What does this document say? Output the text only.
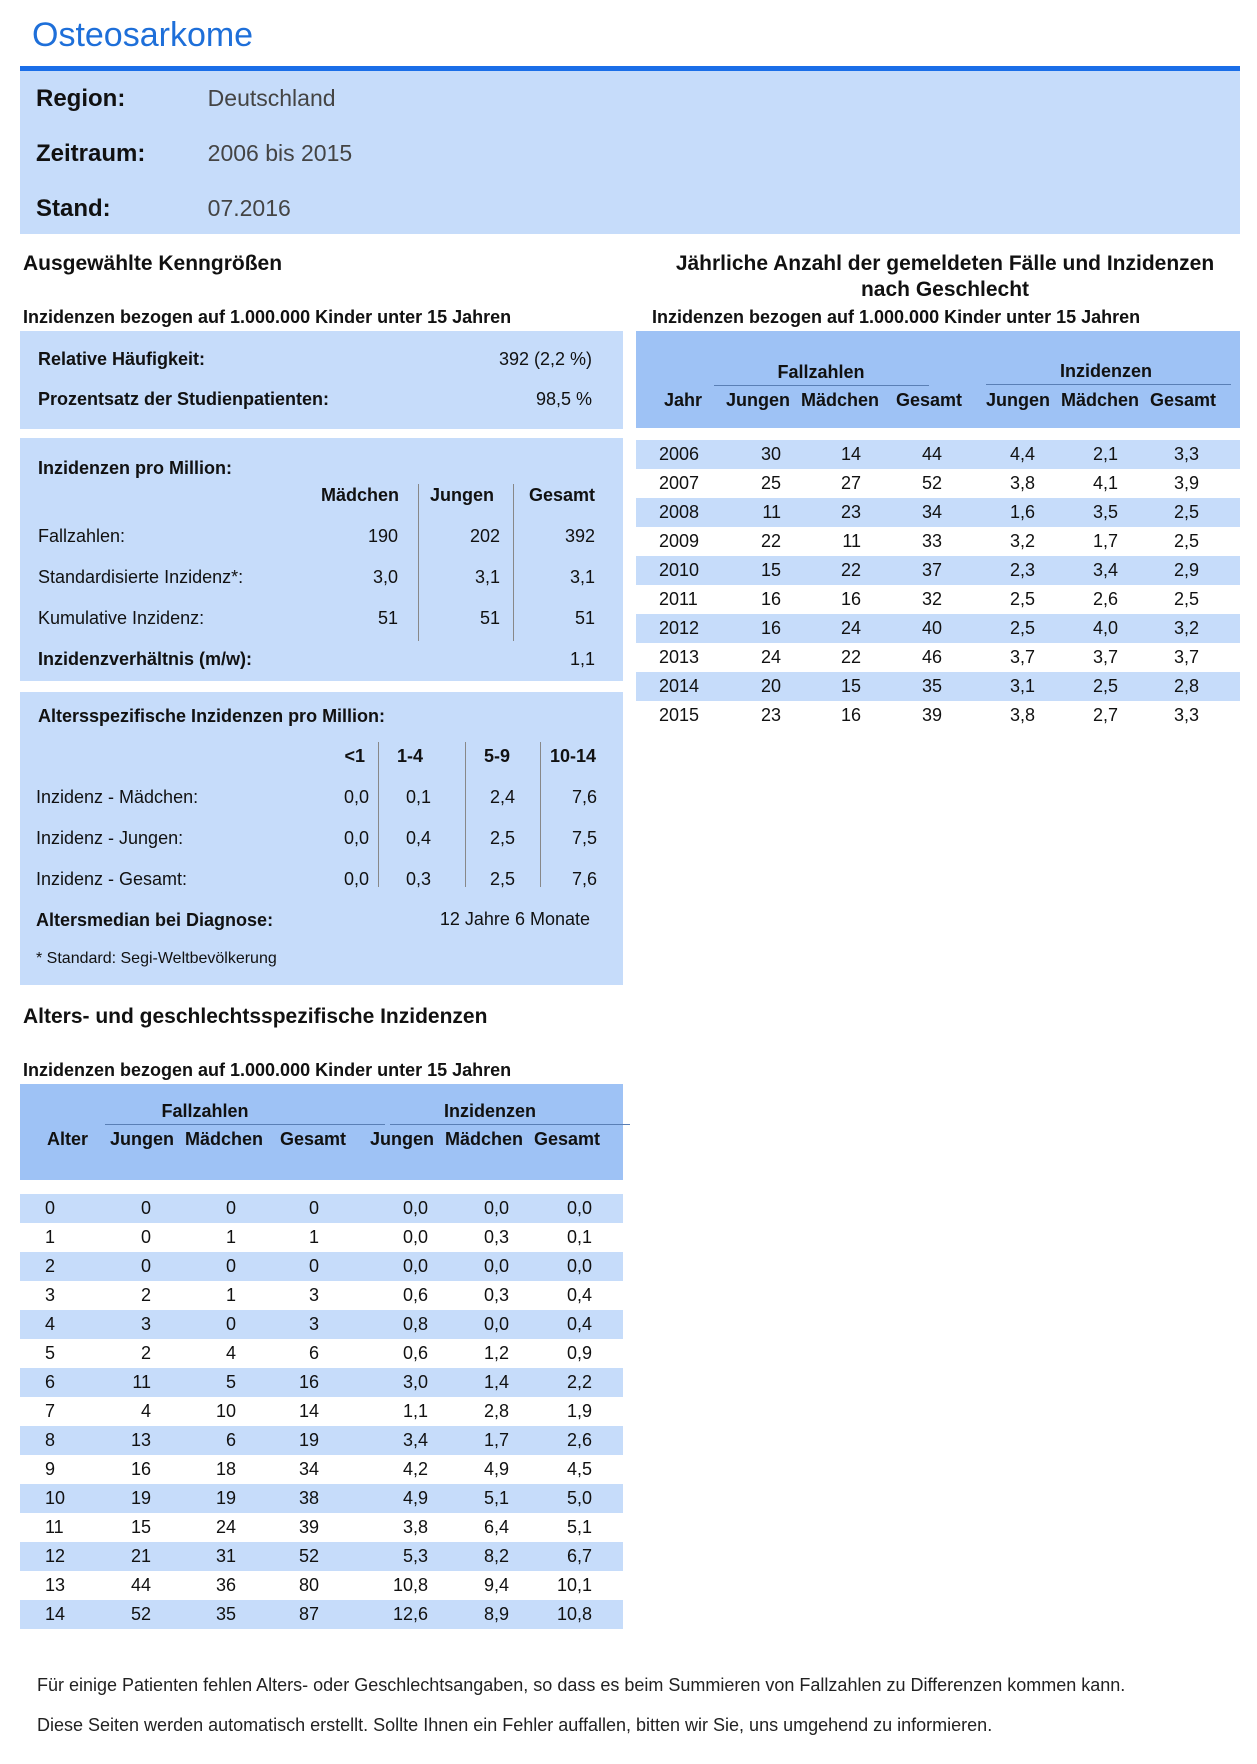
Osteosarkome
Region:	Deutschland
Zeitraum:	2006 bis 2015
Stand:	07.2016
Ausgewählte Kenngrößen
Inzidenzen bezogen auf 1.000.000 Kinder unter 15 Jahren
Relative Häufigkeit:	392 (2,2 %)
Prozentsatz der Studienpatienten:	98,5 %
Inzidenzen pro Million:
Mädchen	Jungen	Gesamt
Fallzahlen:	190	202	392
Standardisierte Inzidenz*:	3,0	3,1	3,1
Kumulative Inzidenz:	51	51	51
Inzidenzverhältnis (m/w):	1,1
Altersspezifische Inzidenzen pro Million:
<1 1-4	5-9 10-14
Inzidenz - Mädchen:	0,0 0,1	2,4	7,6
Inzidenz - Jungen:	0,0 0,4	2,5	7,5
Inzidenz - Gesamt:	0,0 0,3	2,5	7,6
Altersmedian bei Diagnose:	12 Jahre 6 Monate
* Standard: Segi-Weltbevölkerung
Jährliche Anzahl der gemeldeten Fälle und Inzidenzen
nach Geschlecht
Inzidenzen bezogen auf 1.000.000 Kinder unter 15 Jahren
Fallzahlen	Inzidenzen
Jahr Jungen Mädchen Gesamt Jungen Mädchen Gesamt
2006	30	14	44	4,4	2,1	3,3
2007	25	27	52	3,8	4,1	3,9
2008	11	23	34	1,6	3,5	2,5
2009	22	11	33	3,2	1,7	2,5
2010	15	22	37	2,3	3,4	2,9
2011	16	16	32	2,5	2,6	2,5
2012	16	24	40	2,5	4,0	3,2
2013	24	22	46	3,7	3,7	3,7
2014	20	15	35	3,1	2,5	2,8
2015	23	16	39	3,8	2,7	3,3
Alters- und geschlechtsspezifische Inzidenzen
Inzidenzen bezogen auf 1.000.000 Kinder unter 15 Jahren
Fallzahlen	Inzidenzen
Alter Jungen Mädchen Gesamt Jungen Mädchen Gesamt
0	0	0	0	0,0	0,0	0,0
1	0	1	1	0,0	0,3	0,1
2	0	0	0	0,0	0,0	0,0
3	2	1	3	0,6	0,3	0,4
4	3	0	3	0,8	0,0	0,4
5	2	4	6	0,6	1,2	0,9
6	11	5	16	3,0	1,4	2,2
7	4	10	14	1,1	2,8	1,9
8	13	6	19	3,4	1,7	2,6
9	16	18	34	4,2	4,9	4,5
10	19	19	38	4,9	5,1	5,0
11	15	24	39	3,8	6,4	5,1
12	21	31	52	5,3	8,2	6,7
13	44	36	80	10,8	9,4	10,1
14	52	35	87	12,6	8,9	10,8
Für einige Patienten fehlen Alters- oder Geschlechtsangaben, so dass es beim Summieren von Fallzahlen zu Differenzen kommen kann.
Diese Seiten werden automatisch erstellt. Sollte Ihnen ein Fehler auffallen, bitten wir Sie, uns umgehend zu informieren.
